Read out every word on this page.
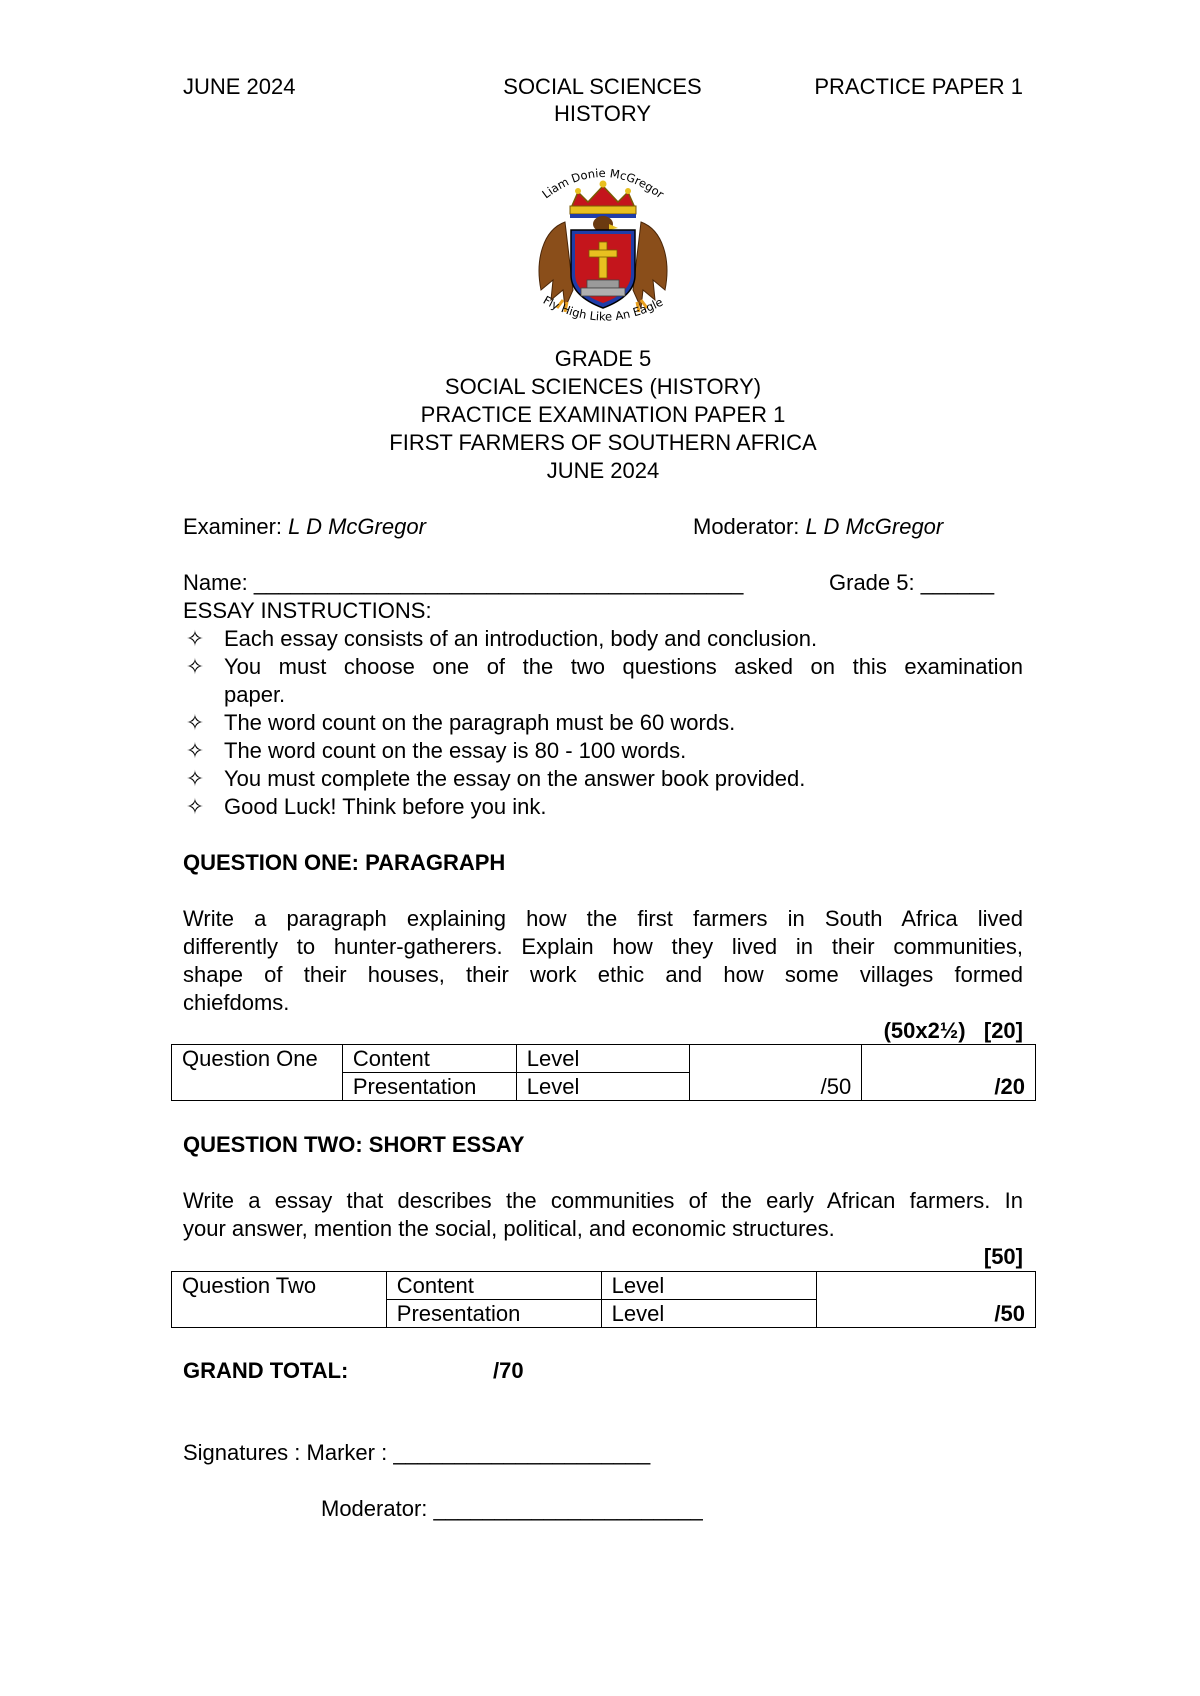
JUNE 2024	SOCIAL SCIENCES
HISTORY
PRACTICE PAPER 1
Liam Donie McGregor
Fly High Like An Eagle
GRADE 5
SOCIAL SCIENCES (HISTORY)
PRACTICE EXAMINATION PAPER 1
FIRST FARMERS OF SOUTHERN AFRICA
JUNE 2024
Examiner: L D McGregor	Moderator: L D McGregor
Name: ________________________________________	Grade 5: ______
ESSAY INSTRUCTIONS:
✧ Each essay consists of an introduction, body and conclusion.
✧ You must choose one of the two questions asked on this examination
paper.
✧ The word count on the paragraph must be 60 words.
✧ The word count on the essay is 80 - 100 words.
✧ You must complete the essay on the answer book provided.
✧ Good Luck! Think before you ink.
QUESTION ONE: PARAGRAPH
Write a paragraph explaining how the first farmers in South Africa lived
differently to hunter-gatherers. Explain how they lived in their communities,
shape of their houses, their work ethic and how some villages formed
chiefdoms.
(50x2½)   [20]
Question One	Content	Level	/50	/20
	Presentation	Level		
QUESTION TWO: SHORT ESSAY
Write a essay that describes the communities of the early African farmers. In
your answer, mention the social, political, and economic structures.
[50]
Question Two	Content	Level	/50
	Presentation	Level	
GRAND TOTAL:	/70
Signatures : Marker : _____________________
Moderator: ______________________
